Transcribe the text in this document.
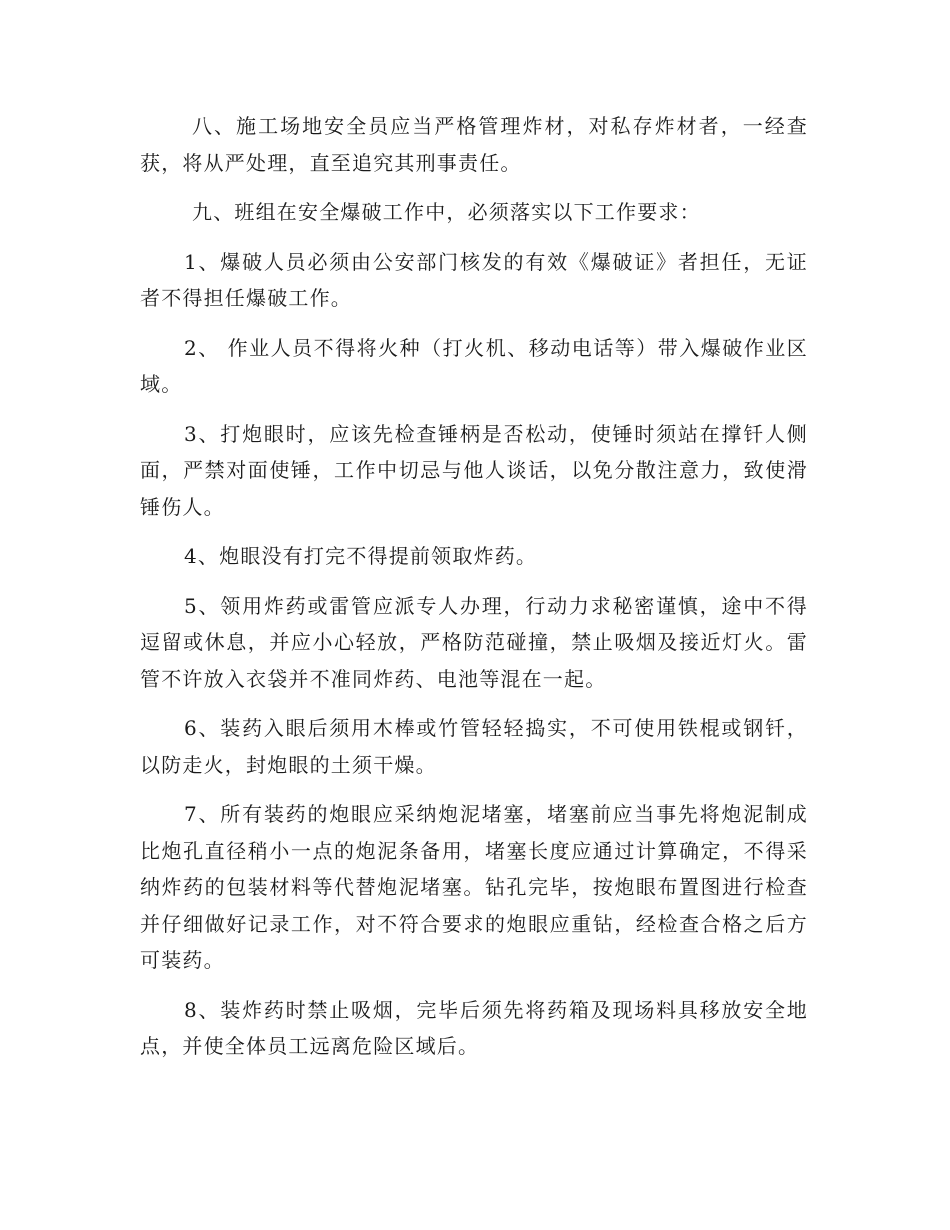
八、施工场地安全员应当严格管理炸材，对私存炸材者，一经查获，将从严处理，直至追究其刑事责任。

九、班组在安全爆破工作中，必须落实以下工作要求：

1、爆破人员必须由公安部门核发的有效《爆破证》者担任，无证者不得担任爆破工作。

2、 作业人员不得将火种（打火机、移动电话等）带入爆破作业区域。

3、打炮眼时，应该先检查锤柄是否松动，使锤时须站在撑钎人侧面，严禁对面使锤，工作中切忌与他人谈话，以免分散注意力，致使滑锤伤人。

4、炮眼没有打完不得提前领取炸药。

5、领用炸药或雷管应派专人办理，行动力求秘密谨慎，途中不得逗留或休息，并应小心轻放，严格防范碰撞，禁止吸烟及接近灯火。雷管不许放入衣袋并不准同炸药、电池等混在一起。

6、装药入眼后须用木棒或竹管轻轻捣实，不可使用铁棍或钢钎，以防走火，封炮眼的土须干燥。

7、所有装药的炮眼应采纳炮泥堵塞，堵塞前应当事先将炮泥制成比炮孔直径稍小一点的炮泥条备用，堵塞长度应通过计算确定，不得采纳炸药的包装材料等代替炮泥堵塞。钻孔完毕，按炮眼布置图进行检查并仔细做好记录工作，对不符合要求的炮眼应重钻，经检查合格之后方可装药。

8、装炸药时禁止吸烟，完毕后须先将药箱及现场料具移放安全地点，并使全体员工远离危险区域后。
